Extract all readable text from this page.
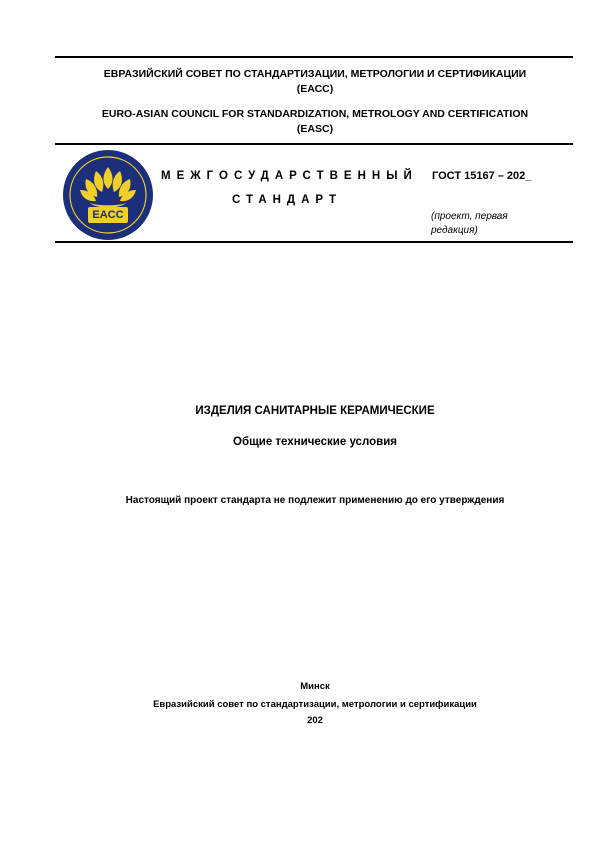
ЕВРАЗИЙСКИЙ СОВЕТ ПО СТАНДАРТИЗАЦИИ, МЕТРОЛОГИИ И СЕРТИФИКАЦИИ
(ЕАСС)
EURO-ASIAN COUNCIL FOR STANDARDIZATION, METROLOGY AND CERTIFICATION
(EASC)
EACC
МЕЖГОСУДАРСТВЕННЫЙ
СТАНДАРТ
ГОСТ 15167 – 202_
(проект, первая
редакция)
ИЗДЕЛИЯ САНИТАРНЫЕ КЕРАМИЧЕСКИЕ
Общие технические условия
Настоящий проект стандарта не подлежит применению до его утверждения
Минск
Евразийский совет по стандартизации, метрологии и сертификации
202
